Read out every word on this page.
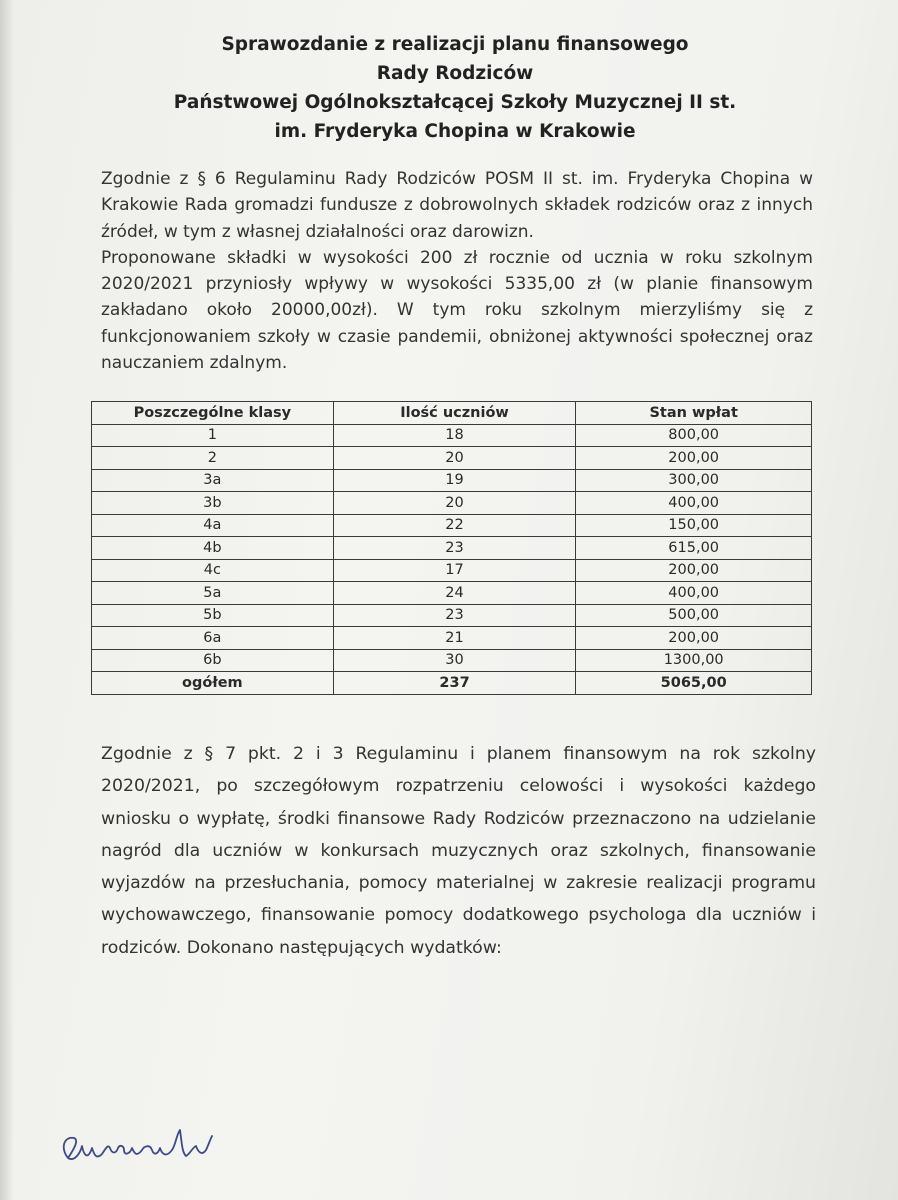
Sprawozdanie z realizacji planu finansowego
Rady Rodziców
Państwowej Ogólnokształcącej Szkoły Muzycznej II st.
im. Fryderyka Chopina w Krakowie

Zgodnie z § 6 Regulaminu Rady Rodziców POSM II st. im. Fryderyka Chopina w Krakowie Rada gromadzi fundusze z dobrowolnych składek rodziców oraz z innych źródeł, w tym z własnej działalności oraz darowizn.

Proponowane składki w wysokości 200 zł rocznie od ucznia w roku szkolnym 2020/2021 przyniosły wpływy w wysokości 5335,00 zł (w planie finansowym zakładano około 20000,00zł). W tym roku szkolnym mierzyliśmy się z funkcjonowaniem szkoły w czasie pandemii, obniżonej aktywności społecznej oraz nauczaniem zdalnym.

Poszczególne klasy	Ilość uczniów	Stan wpłat
1	18	800,00
2	20	200,00
3a	19	300,00
3b	20	400,00
4a	22	150,00
4b	23	615,00
4c	17	200,00
5a	24	400,00
5b	23	500,00
6a	21	200,00
6b	30	1300,00
ogółem	237	5065,00

Zgodnie z § 7 pkt. 2 i 3 Regulaminu i planem finansowym na rok szkolny 2020/2021, po szczegółowym rozpatrzeniu celowości i wysokości każdego wniosku o wypłatę, środki finansowe Rady Rodziców przeznaczono na udzielanie nagród dla uczniów w konkursach muzycznych oraz szkolnych, finansowanie wyjazdów na przesłuchania, pomocy materialnej w zakresie realizacji programu wychowawczego, finansowanie pomocy dodatkowego psychologa dla uczniów i rodziców. Dokonano następujących wydatków:
